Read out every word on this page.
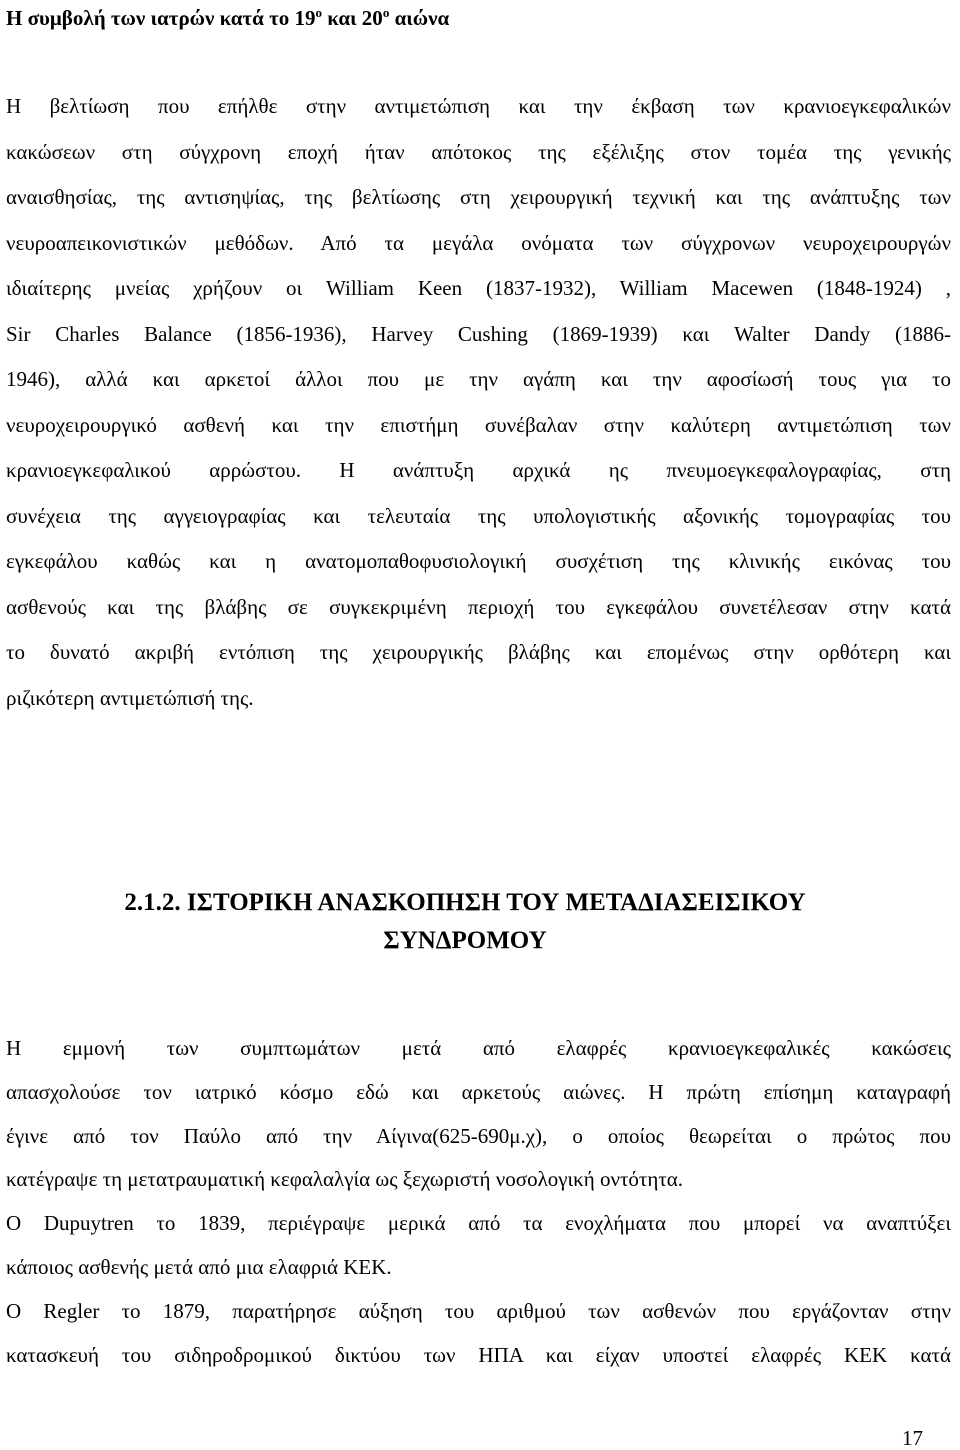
Η συμβολή των ιατρών κατά το $19^o$ και $20^o$ αιώνα

Η βελτίωση που επήλθε στην αντιμετώπιση και την έκβαση των κρανιοεγκεφαλικών
κακώσεων στη σύγχρονη εποχή ήταν απότοκος της εξέλιξης στον τομέα της γενικής
αναισθησίας, της αντισηψίας, της βελτίωσης στη χειρουργική τεχνική και της ανάπτυξης των
νευροαπεικονιστικών μεθόδων. Από τα μεγάλα ονόματα των σύγχρονων νευροχειρουργών
ιδιαίτερης μνείας χρήζουν οι William Keen (1837-1932), William Macewen (1848-1924) ,
Sir Charles Balance (1856-1936), Harvey Cushing (1869-1939) και Walter Dandy (1886-
1946), αλλά και αρκετοί άλλοι που με την αγάπη και την αφοσίωσή τους για το
νευροχειρουργικό ασθενή και την επιστήμη συνέβαλαν στην καλύτερη αντιμετώπιση των
κρανιοεγκεφαλικού αρρώστου. Η ανάπτυξη αρχικά ης πνευμοεγκεφαλογραφίας, στη
συνέχεια της αγγειογραφίας και τελευταία της υπολογιστικής αξονικής τομογραφίας του
εγκεφάλου καθώς και η ανατομοπαθοφυσιολογική συσχέτιση της κλινικής εικόνας του
ασθενούς και της βλάβης σε συγκεκριμένη περιοχή του εγκεφάλου συνετέλεσαν στην κατά
το δυνατό ακριβή εντόπιση της χειρουργικής βλάβης και επομένως στην ορθότερη και
ριζικότερη αντιμετώπισή της.

2.1.2. ΙΣΤΟΡΙΚΗ ΑΝΑΣΚΟΠΗΣΗ ΤΟΥ ΜΕΤΑΔΙΑΣΕΙΣΙΚΟΥ
ΣΥΝΔΡΟΜΟΥ

Η εμμονή των συμπτωμάτων μετά από ελαφρές κρανιοεγκεφαλικές κακώσεις
απασχολούσε τον ιατρικό κόσμο εδώ και αρκετούς αιώνες. Η πρώτη επίσημη καταγραφή
έγινε από τον Παύλο από την Αίγινα(625-690μ.χ), ο οποίος θεωρείται ο πρώτος που
κατέγραψε τη μετατραυματική κεφαλαλγία ως ξεχωριστή νοσολογική οντότητα.
Ο Dupuytren το 1839, περιέγραψε μερικά από τα ενοχλήματα που μπορεί να αναπτύξει
κάποιος ασθενής μετά από μια ελαφριά ΚΕΚ.
Ο Regler το 1879, παρατήρησε αύξηση του αριθμού των ασθενών που εργάζονταν στην
κατασκευή του σιδηροδρομικού δικτύου των ΗΠΑ και είχαν υποστεί ελαφρές ΚΕΚ κατά

17
